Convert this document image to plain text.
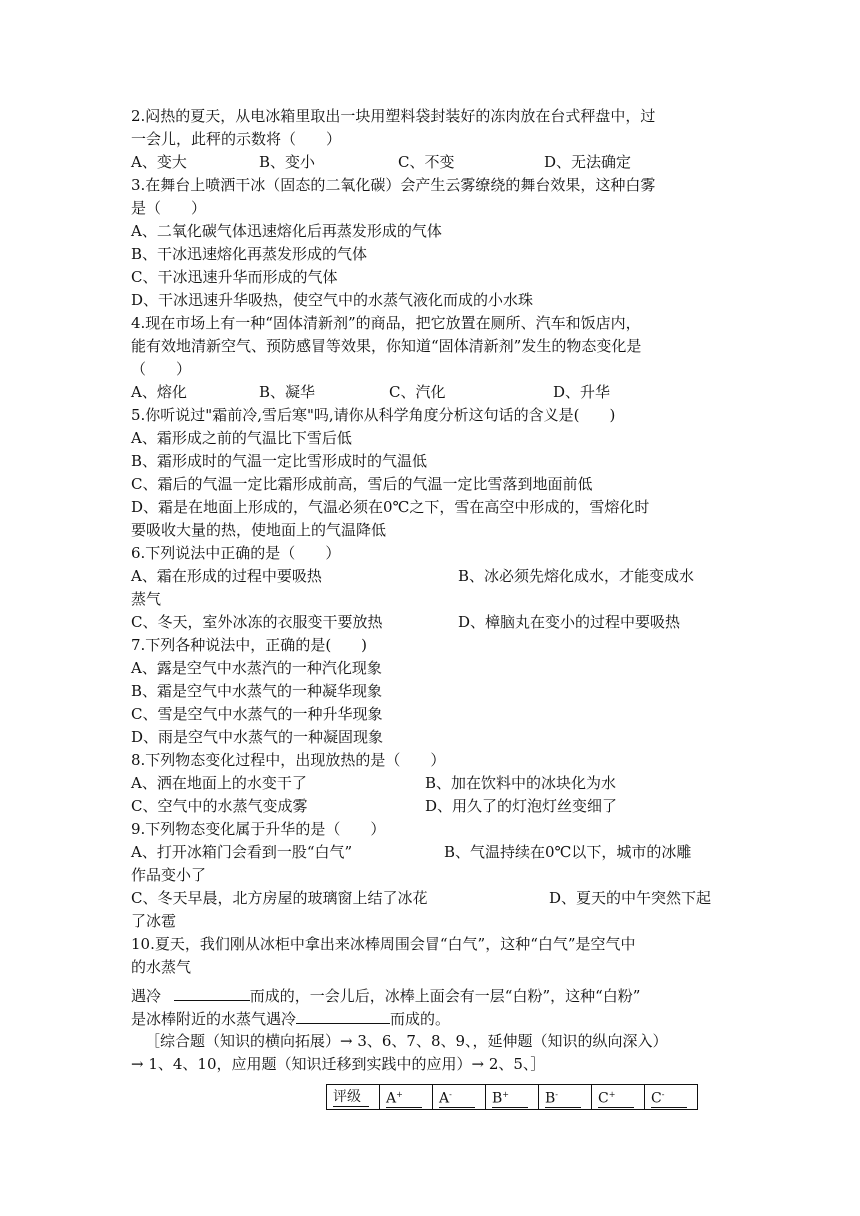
2.闷热的夏天，从电冰箱里取出一块用塑料袋封装好的冻肉放在台式秤盘中，过
一会儿，此秤的示数将（　　）
A、变大	B、变小	C、不变	D、无法确定
3.在舞台上喷洒干冰（固态的二氧化碳）会产生云雾缭绕的舞台效果，这种白雾
是（　　）
A、二氧化碳气体迅速熔化后再蒸发形成的气体
B、干冰迅速熔化再蒸发形成的气体
C、干冰迅速升华而形成的气体
D、干冰迅速升华吸热，使空气中的水蒸气液化而成的小水珠
4.现在市场上有一种“固体清新剂”的商品，把它放置在厕所、汽车和饭店内，
能有效地清新空气、预防感冒等效果，你知道“固体清新剂”发生的物态变化是
（　　）
A、熔化	B、凝华	C、汽化	D、升华
5.你听说过"霜前冷,雪后寒"吗,请你从科学角度分析这句话的含义是(　　)
A、霜形成之前的气温比下雪后低
B、霜形成时的气温一定比雪形成时的气温低
C、霜后的气温一定比霜形成前高，雪后的气温一定比雪落到地面前低
D、霜是在地面上形成的，气温必须在0℃之下，雪在高空中形成的，雪熔化时
要吸收大量的热，使地面上的气温降低
6.下列说法中正确的是（　　）
A、霜在形成的过程中要吸热	B、冰必须先熔化成水，才能变成水
蒸气
C、冬天，室外冰冻的衣服变干要放热	D、樟脑丸在变小的过程中要吸热
7.下列各种说法中，正确的是(　　)
A、露是空气中水蒸汽的一种汽化现象
B、霜是空气中水蒸气的一种凝华现象
C、雪是空气中水蒸气的一种升华现象
D、雨是空气中水蒸气的一种凝固现象
8.下列物态变化过程中，出现放热的是（　　）
A、洒在地面上的水变干了	B、加在饮料中的冰块化为水
C、空气中的水蒸气变成雾	D、用久了的灯泡灯丝变细了
9.下列物态变化属于升华的是（　　）
A、打开冰箱门会看到一股“白气”	B、气温持续在0℃以下，城市的冰雕
作品变小了
C、冬天早晨，北方房屋的玻璃窗上结了冰花	D、夏天的中午突然下起
了冰雹
10.夏天，我们刚从冰柜中拿出来冰棒周围会冒“白气”，这种“白气”是空气中
的水蒸气
遇冷	而成的，一会儿后，冰棒上面会有一层“白粉”，这种“白粉”
是冰棒附近的水蒸气遇冷	而成的。
［综合题（知识的横向拓展）→ 3、6、7、8、9、，延伸题（知识的纵向深入）
→ 1、4、10，应用题（知识迁移到实践中的应用）→ 2、5、］
评级	A+	A-	B+	B-	C+	C-
